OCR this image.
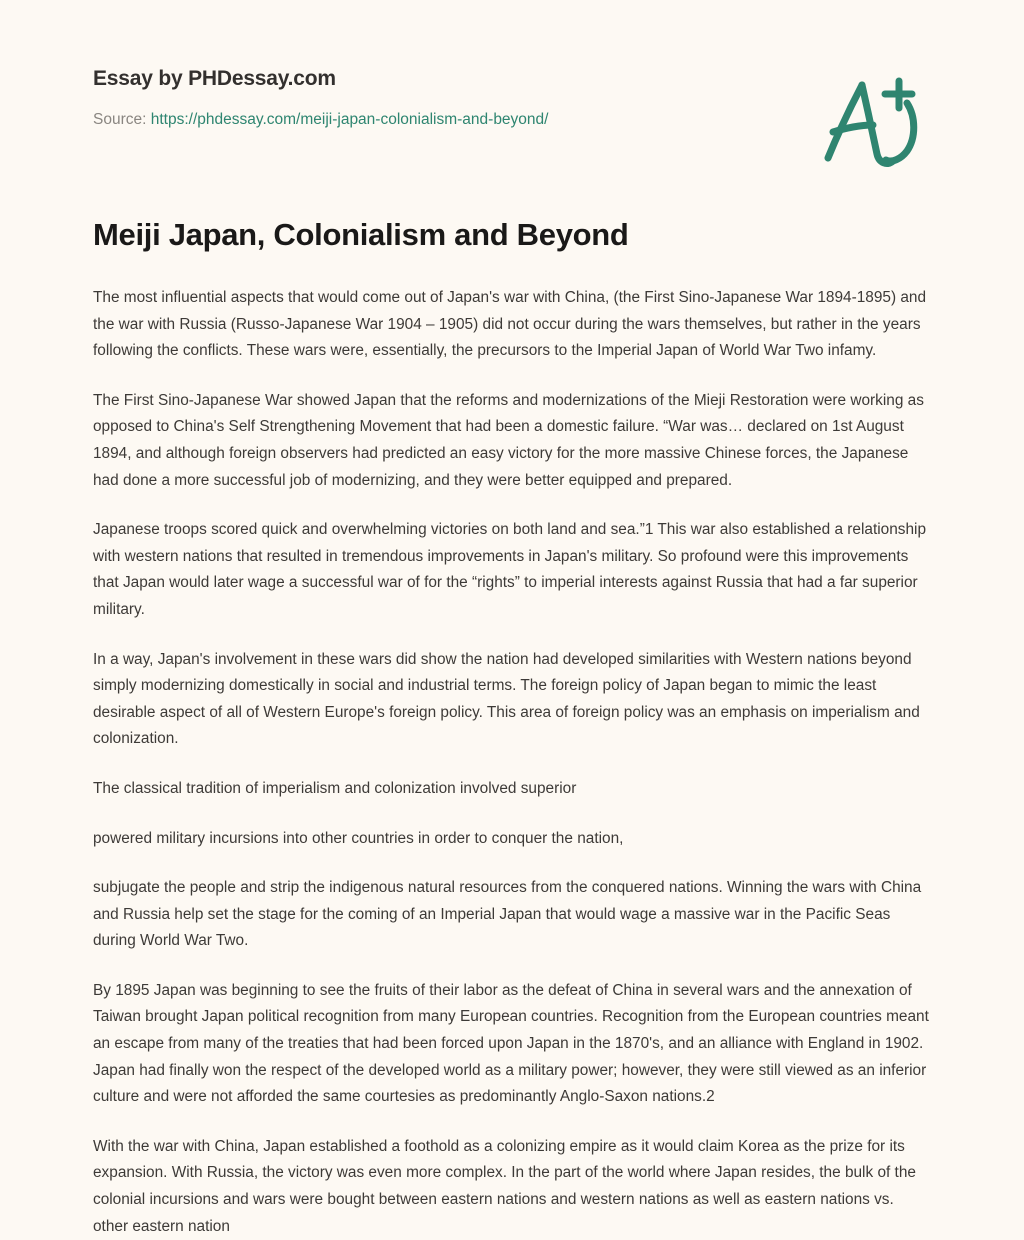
Essay by PHDessay.com
Source: https://phdessay.com/meiji-japan-colonialism-and-beyond/
Meiji Japan, Colonialism and Beyond

The most influential aspects that would come out of Japan's war with China, (the First Sino-Japanese War 1894-1895) and the war with Russia (Russo-Japanese War 1904 – 1905) did not occur during the wars themselves, but rather in the years following the conflicts. These wars were, essentially, the precursors to the Imperial Japan of World War Two infamy.

The First Sino-Japanese War showed Japan that the reforms and modernizations of the Mieji Restoration were working as opposed to China's Self Strengthening Movement that had been a domestic failure. “War was… declared on 1st August 1894, and although foreign observers had predicted an easy victory for the more massive Chinese forces, the Japanese had done a more successful job of modernizing, and they were better equipped and prepared.

Japanese troops scored quick and overwhelming victories on both land and sea.”1 This war also established a relationship with western nations that resulted in tremendous improvements in Japan's military. So profound were this improvements that Japan would later wage a successful war of for the “rights” to imperial interests against Russia that had a far superior military.

In a way, Japan's involvement in these wars did show the nation had developed similarities with Western nations beyond simply modernizing domestically in social and industrial terms. The foreign policy of Japan began to mimic the least desirable aspect of all of Western Europe's foreign policy. This area of foreign policy was an emphasis on imperialism and colonization.

The classical tradition of imperialism and colonization involved superior

powered military incursions into other countries in order to conquer the nation,

subjugate the people and strip the indigenous natural resources from the conquered nations. Winning the wars with China and Russia help set the stage for the coming of an Imperial Japan that would wage a massive war in the Pacific Seas during World War Two.

By 1895 Japan was beginning to see the fruits of their labor as the defeat of China in several wars and the annexation of Taiwan brought Japan political recognition from many European countries. Recognition from the European countries meant an escape from many of the treaties that had been forced upon Japan in the 1870's, and an alliance with England in 1902. Japan had finally won the respect of the developed world as a military power; however, they were still viewed as an inferior culture and were not afforded the same courtesies as predominantly Anglo-Saxon nations.2

With the war with China, Japan established a foothold as a colonizing empire as it would claim Korea as the prize for its expansion. With Russia, the victory was even more complex. In the part of the world where Japan resides, the bulk of the colonial incursions and wars were bought between eastern nations and western nations as well as eastern nations vs. other eastern nation
